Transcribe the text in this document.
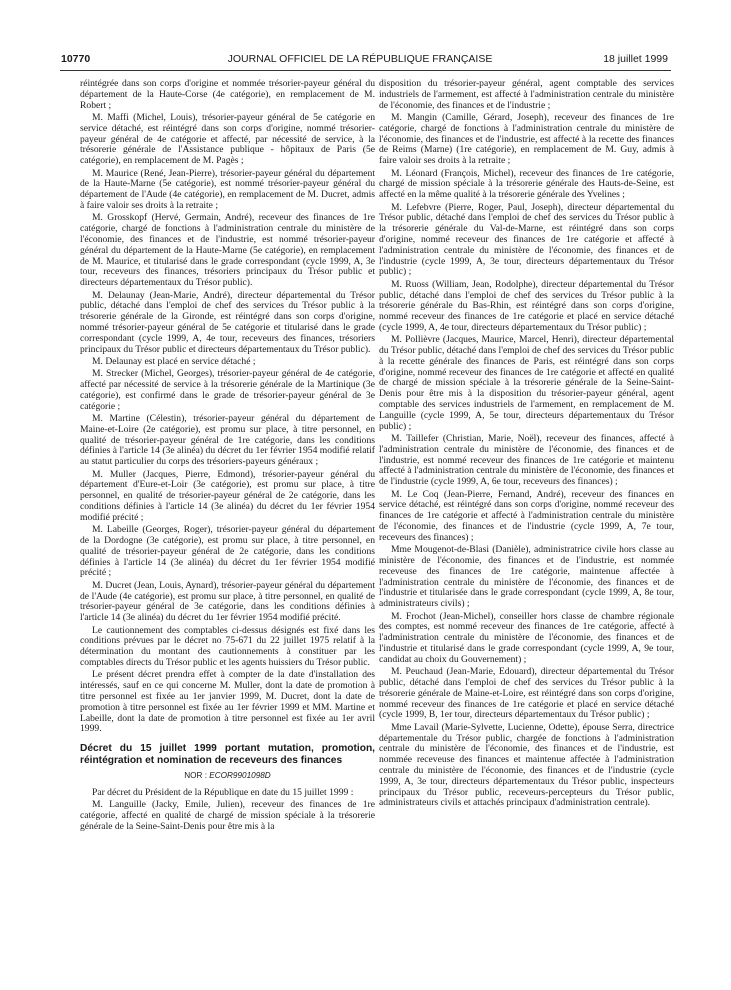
10770	JOURNAL OFFICIEL DE LA RÉPUBLIQUE FRANÇAISE	18 juillet 1999

réintégrée dans son corps d'origine et nommée trésorier-payeur général du département de la Haute-Corse (4e catégorie), en remplacement de M. Robert ;

M. Maffi (Michel, Louis), trésorier-payeur général de 5e catégorie en service détaché, est réintégré dans son corps d'origine, nommé trésorier-payeur général de 4e catégorie et affecté, par nécessité de service, à la trésorerie générale de l'Assistance publique - hôpitaux de Paris (5e catégorie), en remplacement de M. Pagès ;

M. Maurice (René, Jean-Pierre), trésorier-payeur général du département de la Haute-Marne (5e catégorie), est nommé trésorier-payeur général du département de l'Aude (4e catégorie), en remplacement de M. Ducret, admis à faire valoir ses droits à la retraite ;

M. Grosskopf (Hervé, Germain, André), receveur des finances de 1re catégorie, chargé de fonctions à l'administration centrale du ministère de l'économie, des finances et de l'industrie, est nommé trésorier-payeur général du département de la Haute-Marne (5e catégorie), en remplacement de M. Maurice, et titularisé dans le grade correspondant (cycle 1999, A, 3e tour, receveurs des finances, trésoriers principaux du Trésor public et directeurs départementaux du Trésor public).

M. Delaunay (Jean-Marie, André), directeur départemental du Trésor public, détaché dans l'emploi de chef des services du Trésor public à la trésorerie générale de la Gironde, est réintégré dans son corps d'origine, nommé trésorier-payeur général de 5e catégorie et titularisé dans le grade correspondant (cycle 1999, A, 4e tour, receveurs des finances, trésoriers principaux du Trésor public et directeurs départementaux du Trésor public).

M. Delaunay est placé en service détaché ;

M. Strecker (Michel, Georges), trésorier-payeur général de 4e catégorie, affecté par nécessité de service à la trésorerie générale de la Martinique (3e catégorie), est confirmé dans le grade de trésorier-payeur général de 3e catégorie ;

M. Martine (Célestin), trésorier-payeur général du département de Maine-et-Loire (2e catégorie), est promu sur place, à titre personnel, en qualité de trésorier-payeur général de 1re catégorie, dans les conditions définies à l'article 14 (3e alinéa) du décret du 1er février 1954 modifié relatif au statut particulier du corps des trésoriers-payeurs généraux ;

M. Muller (Jacques, Pierre, Edmond), trésorier-payeur général du département d'Eure-et-Loir (3e catégorie), est promu sur place, à titre personnel, en qualité de trésorier-payeur général de 2e catégorie, dans les conditions définies à l'article 14 (3e alinéa) du décret du 1er février 1954 modifié précité ;

M. Labeille (Georges, Roger), trésorier-payeur général du département de la Dordogne (3e catégorie), est promu sur place, à titre personnel, en qualité de trésorier-payeur général de 2e catégorie, dans les conditions définies à l'article 14 (3e alinéa) du décret du 1er février 1954 modifié précité ;

M. Ducret (Jean, Louis, Aynard), trésorier-payeur général du département de l'Aude (4e catégorie), est promu sur place, à titre personnel, en qualité de trésorier-payeur général de 3e catégorie, dans les conditions définies à l'article 14 (3e alinéa) du décret du 1er février 1954 modifié précité.

Le cautionnement des comptables ci-dessus désignés est fixé dans les conditions prévues par le décret no 75-671 du 22 juillet 1975 relatif à la détermination du montant des cautionnements à constituer par les comptables directs du Trésor public et les agents huissiers du Trésor public.

Le présent décret prendra effet à compter de la date d'installation des intéressés, sauf en ce qui concerne M. Muller, dont la date de promotion à titre personnel est fixée au 1er janvier 1999, M. Ducret, dont la date de promotion à titre personnel est fixée au 1er février 1999 et MM. Martine et Labeille, dont la date de promotion à titre personnel est fixée au 1er avril 1999.

Décret du 15 juillet 1999 portant mutation, promotion, réintégration et nomination de receveurs des finances
NOR : ECOR9901098D

Par décret du Président de la République en date du 15 juillet 1999 :

M. Languille (Jacky, Emile, Julien), receveur des finances de 1re catégorie, affecté en qualité de chargé de mission spéciale à la trésorerie générale de la Seine-Saint-Denis pour être mis à la

disposition du trésorier-payeur général, agent comptable des services industriels de l'armement, est affecté à l'administration centrale du ministère de l'économie, des finances et de l'industrie ;

M. Mangin (Camille, Gérard, Joseph), receveur des finances de 1re catégorie, chargé de fonctions à l'administration centrale du ministère de l'économie, des finances et de l'industrie, est affecté à la recette des finances de Reims (Marne) (1re catégorie), en remplacement de M. Guy, admis à faire valoir ses droits à la retraite ;

M. Léonard (François, Michel), receveur des finances de 1re catégorie, chargé de mission spéciale à la trésorerie générale des Hauts-de-Seine, est affecté en la même qualité à la trésorerie générale des Yvelines ;

M. Lefebvre (Pierre, Roger, Paul, Joseph), directeur départemental du Trésor public, détaché dans l'emploi de chef des services du Trésor public à la trésorerie générale du Val-de-Marne, est réintégré dans son corps d'origine, nommé receveur des finances de 1re catégorie et affecté à l'administration centrale du ministère de l'économie, des finances et de l'industrie (cycle 1999, A, 3e tour, directeurs départementaux du Trésor public) ;

M. Ruoss (William, Jean, Rodolphe), directeur départemental du Trésor public, détaché dans l'emploi de chef des services du Trésor public à la trésorerie générale du Bas-Rhin, est réintégré dans son corps d'origine, nommé receveur des finances de 1re catégorie et placé en service détaché (cycle 1999, A, 4e tour, directeurs départementaux du Trésor public) ;

M. Pollièvre (Jacques, Maurice, Marcel, Henri), directeur départemental du Trésor public, détaché dans l'emploi de chef des services du Trésor public à la recette générale des finances de Paris, est réintégré dans son corps d'origine, nommé receveur des finances de 1re catégorie et affecté en qualité de chargé de mission spéciale à la trésorerie générale de la Seine-Saint-Denis pour être mis à la disposition du trésorier-payeur général, agent comptable des services industriels de l'armement, en remplacement de M. Languille (cycle 1999, A, 5e tour, directeurs départementaux du Trésor public) ;

M. Taillefer (Christian, Marie, Noël), receveur des finances, affecté à l'administration centrale du ministère de l'économie, des finances et de l'industrie, est nommé receveur des finances de 1re catégorie et maintenu affecté à l'administration centrale du ministère de l'économie, des finances et de l'industrie (cycle 1999, A, 6e tour, receveurs des finances) ;

M. Le Coq (Jean-Pierre, Fernand, André), receveur des finances en service détaché, est réintégré dans son corps d'origine, nommé receveur des finances de 1re catégorie et affecté à l'administration centrale du ministère de l'économie, des finances et de l'industrie (cycle 1999, A, 7e tour, receveurs des finances) ;

Mme Mougenot-de-Blasi (Danièle), administratrice civile hors classe au ministère de l'économie, des finances et de l'industrie, est nommée receveuse des finances de 1re catégorie, maintenue affectée à l'administration centrale du ministère de l'économie, des finances et de l'industrie et titularisée dans le grade correspondant (cycle 1999, A, 8e tour, administrateurs civils) ;

M. Frochot (Jean-Michel), conseiller hors classe de chambre régionale des comptes, est nommé receveur des finances de 1re catégorie, affecté à l'administration centrale du ministère de l'économie, des finances et de l'industrie et titularisé dans le grade correspondant (cycle 1999, A, 9e tour, candidat au choix du Gouvernement) ;

M. Peuchaud (Jean-Marie, Edouard), directeur départemental du Trésor public, détaché dans l'emploi de chef des services du Trésor public à la trésorerie générale de Maine-et-Loire, est réintégré dans son corps d'origine, nommé receveur des finances de 1re catégorie et placé en service détaché (cycle 1999, B, 1er tour, directeurs départementaux du Trésor public) ;

Mme Lavail (Marie-Sylvette, Lucienne, Odette), épouse Serra, directrice départementale du Trésor public, chargée de fonctions à l'administration centrale du ministère de l'économie, des finances et de l'industrie, est nommée receveuse des finances et maintenue affectée à l'administration centrale du ministère de l'économie, des finances et de l'industrie (cycle 1999, A, 3e tour, directeurs départementaux du Trésor public, inspecteurs principaux du Trésor public, receveurs-percepteurs du Trésor public, administrateurs civils et attachés principaux d'administration centrale).
